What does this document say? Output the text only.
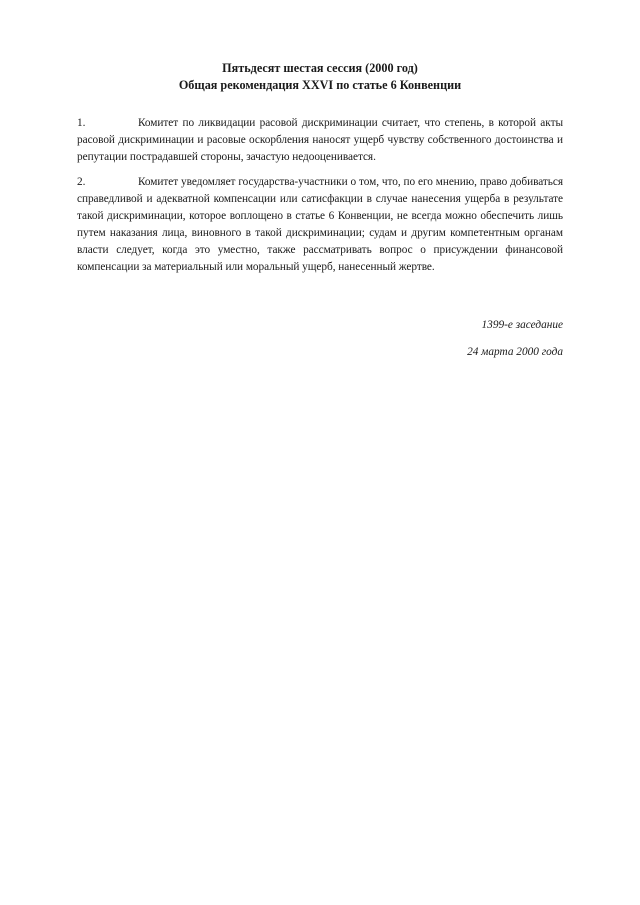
Пятьдесят шестая сессия (2000 год)
Общая рекомендация XXVI по статье 6 Конвенции

1.	Комитет по ликвидации расовой дискриминации считает, что степень, в которой акты расовой дискриминации и расовые оскорбления наносят ущерб чувству собственного достоинства и репутации пострадавшей стороны, зачастую недооценивается.

2.	Комитет уведомляет государства-участники о том, что, по его мнению, право добиваться справедливой и адекватной компенсации или сатисфакции в случае нанесения ущерба в результате такой дискриминации, которое воплощено в статье 6 Конвенции, не всегда можно обеспечить лишь путем наказания лица, виновного в такой дискриминации; судам и другим компетентным органам власти следует, когда это уместно, также рассматривать вопрос о присуждении финансовой компенсации за материальный или моральный ущерб, нанесенный жертве.

1399-е заседание
24 марта 2000 года
